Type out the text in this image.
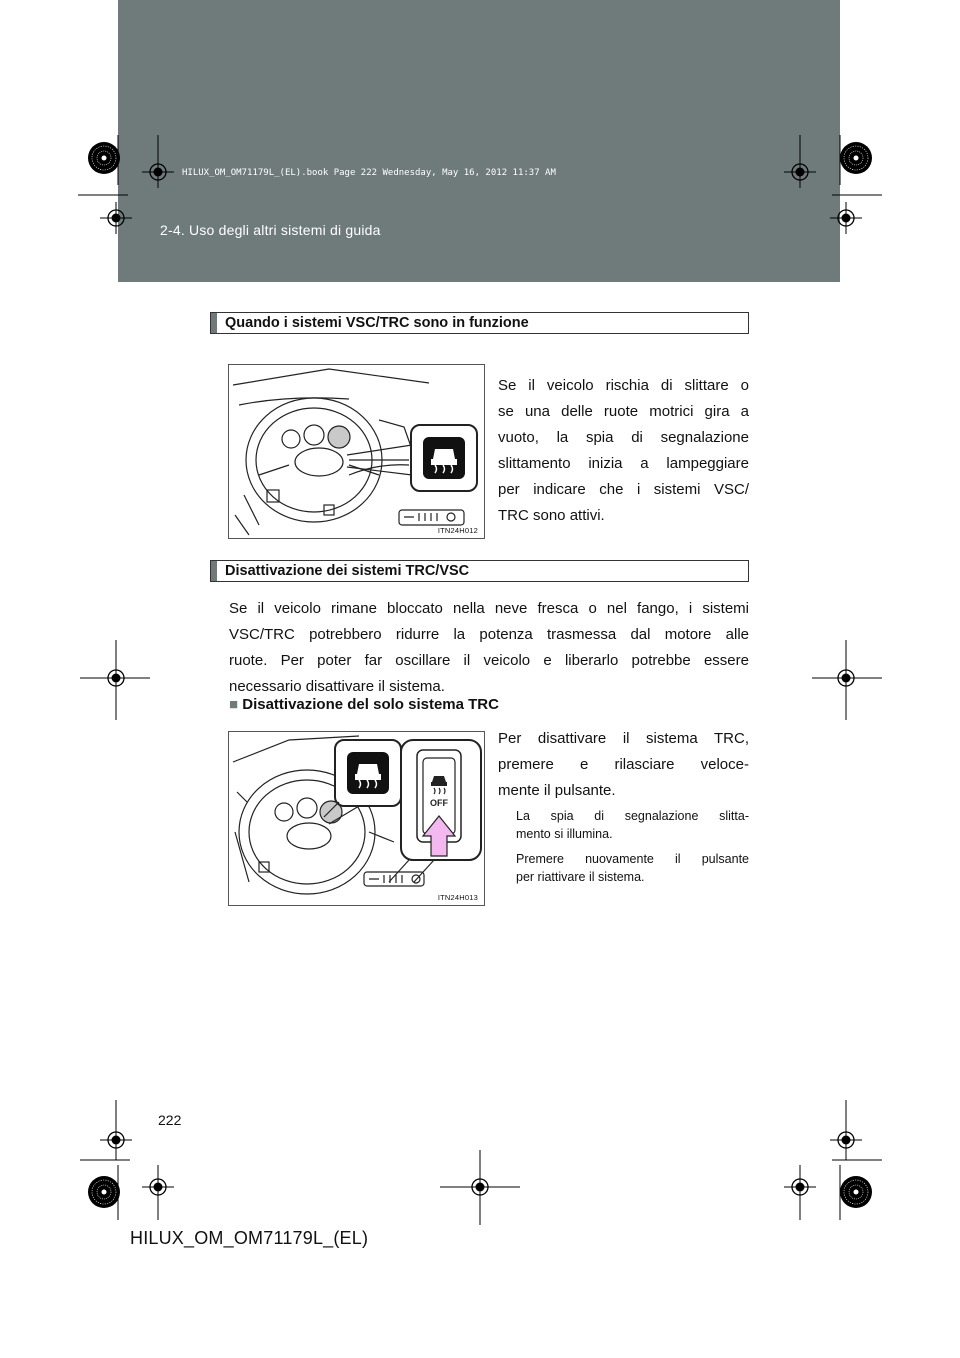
HILUX_OM_OM71179L_(EL).book Page 222 Wednesday, May 16, 2012 11:37 AM
2-4. Uso degli altri sistemi di guida
Quando i sistemi VSC/TRC sono in funzione
ITN24H012
Se il veicolo rischia di slittare o
se una delle ruote motrici gira a
vuoto, la spia di segnalazione
slittamento inizia a lampeggiare
per indicare che i sistemi VSC/
TRC sono attivi.
Disattivazione dei sistemi TRC/VSC
Se il veicolo rimane bloccato nella neve fresca o nel fango, i sistemi
VSC/TRC potrebbero ridurre la potenza trasmessa dal motore alle
ruote. Per poter far oscillare il veicolo e liberarlo potrebbe essere
necessario disattivare il sistema.
■ Disattivazione del solo sistema TRC
OFF
ITN24H013
Per disattivare il sistema TRC,
premere e rilasciare veloce-
mente il pulsante.
La spia di segnalazione slitta-
mento si illumina.
Premere nuovamente il pulsante
per riattivare il sistema.
222
HILUX_OM_OM71179L_(EL)
